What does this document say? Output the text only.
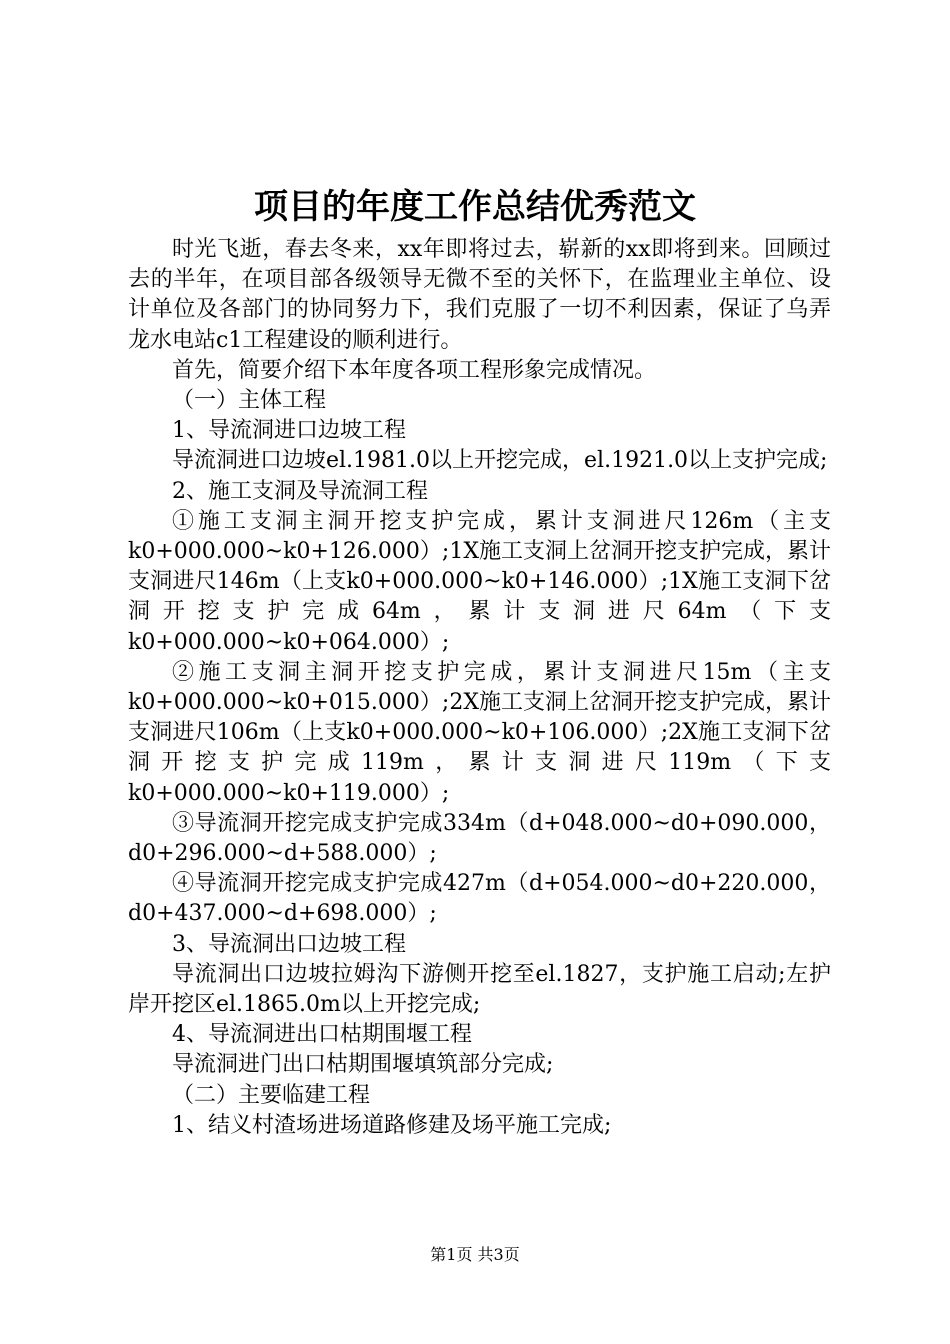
项目的年度工作总结优秀范文

时光飞逝，春去冬来，xx年即将过去，崭新的xx即将到来。回顾过去的半年，在项目部各级领导无微不至的关怀下，在监理业主单位、设计单位及各部门的协同努力下，我们克服了一切不利因素，保证了乌弄龙水电站c1工程建设的顺利进行。

首先，简要介绍下本年度各项工程形象完成情况。

（一）主体工程

1、导流洞进口边坡工程

导流洞进口边坡el.1981.0以上开挖完成，el.1921.0以上支护完成;

2、施工支洞及导流洞工程

①施工支洞主洞开挖支护完成，累计支洞进尺126m（主支k0+000.000~k0+126.000）;1X施工支洞上岔洞开挖支护完成，累计支洞进尺146m（上支k0+000.000~k0+146.000）;1X施工支洞下岔洞开挖支护完成64m，累计支洞进尺64m（下支k0+000.000~k0+064.000）;

②施工支洞主洞开挖支护完成，累计支洞进尺15m（主支k0+000.000~k0+015.000）;2X施工支洞上岔洞开挖支护完成，累计支洞进尺106m（上支k0+000.000~k0+106.000）;2X施工支洞下岔洞开挖支护完成119m，累计支洞进尺119m（下支k0+000.000~k0+119.000）;

③导流洞开挖完成支护完成334m（d+048.000~d0+090.000，d0+296.000~d+588.000）;

④导流洞开挖完成支护完成427m（d+054.000~d0+220.000，d0+437.000~d+698.000）;

3、导流洞出口边坡工程

导流洞出口边坡拉姆沟下游侧开挖至el.1827，支护施工启动;左护岸开挖区el.1865.0m以上开挖完成;

4、导流洞进出口枯期围堰工程

导流洞进门出口枯期围堰填筑部分完成;

（二）主要临建工程

1、结义村渣场进场道路修建及场平施工完成;

第1页 共3页
